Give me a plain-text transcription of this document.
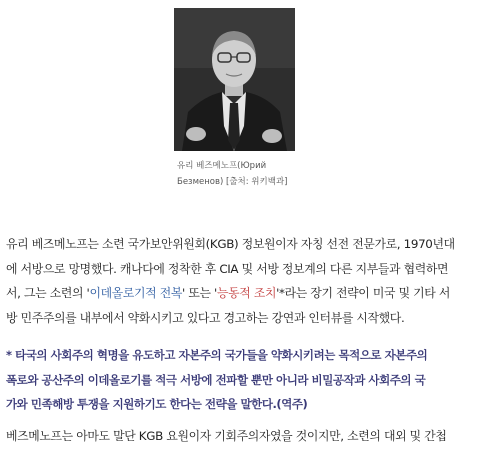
유리 베즈메노프(Юрий
Безменов) [출처: 위키백과]

유리 베즈메노프는 소련 국가보안위원회(KGB) 정보원이자 자칭 선전 전문가로, 1970년대
에 서방으로 망명했다. 캐나다에 정착한 후 CIA 및 서방 정보계의 다른 지부들과 협력하면
서, 그는 소련의 '이데올로기적 전복' 또는 '능동적 조치'*라는 장기 전략이 미국 및 기타 서
방 민주주의를 내부에서 약화시키고 있다고 경고하는 강연과 인터뷰를 시작했다.

* 타국의 사회주의 혁명을 유도하고 자본주의 국가들을 약화시키려는 목적으로 자본주의
폭로와 공산주의 이데올로기를 적극 서방에 전파할 뿐만 아니라 비밀공작과 사회주의 국
가와 민족해방 투쟁을 지원하기도 한다는 전략을 말한다.(역주)

베즈메노프는 아마도 말단 KGB 요원이자 기회주의자였을 것이지만, 소련의 대외 및 간첩
